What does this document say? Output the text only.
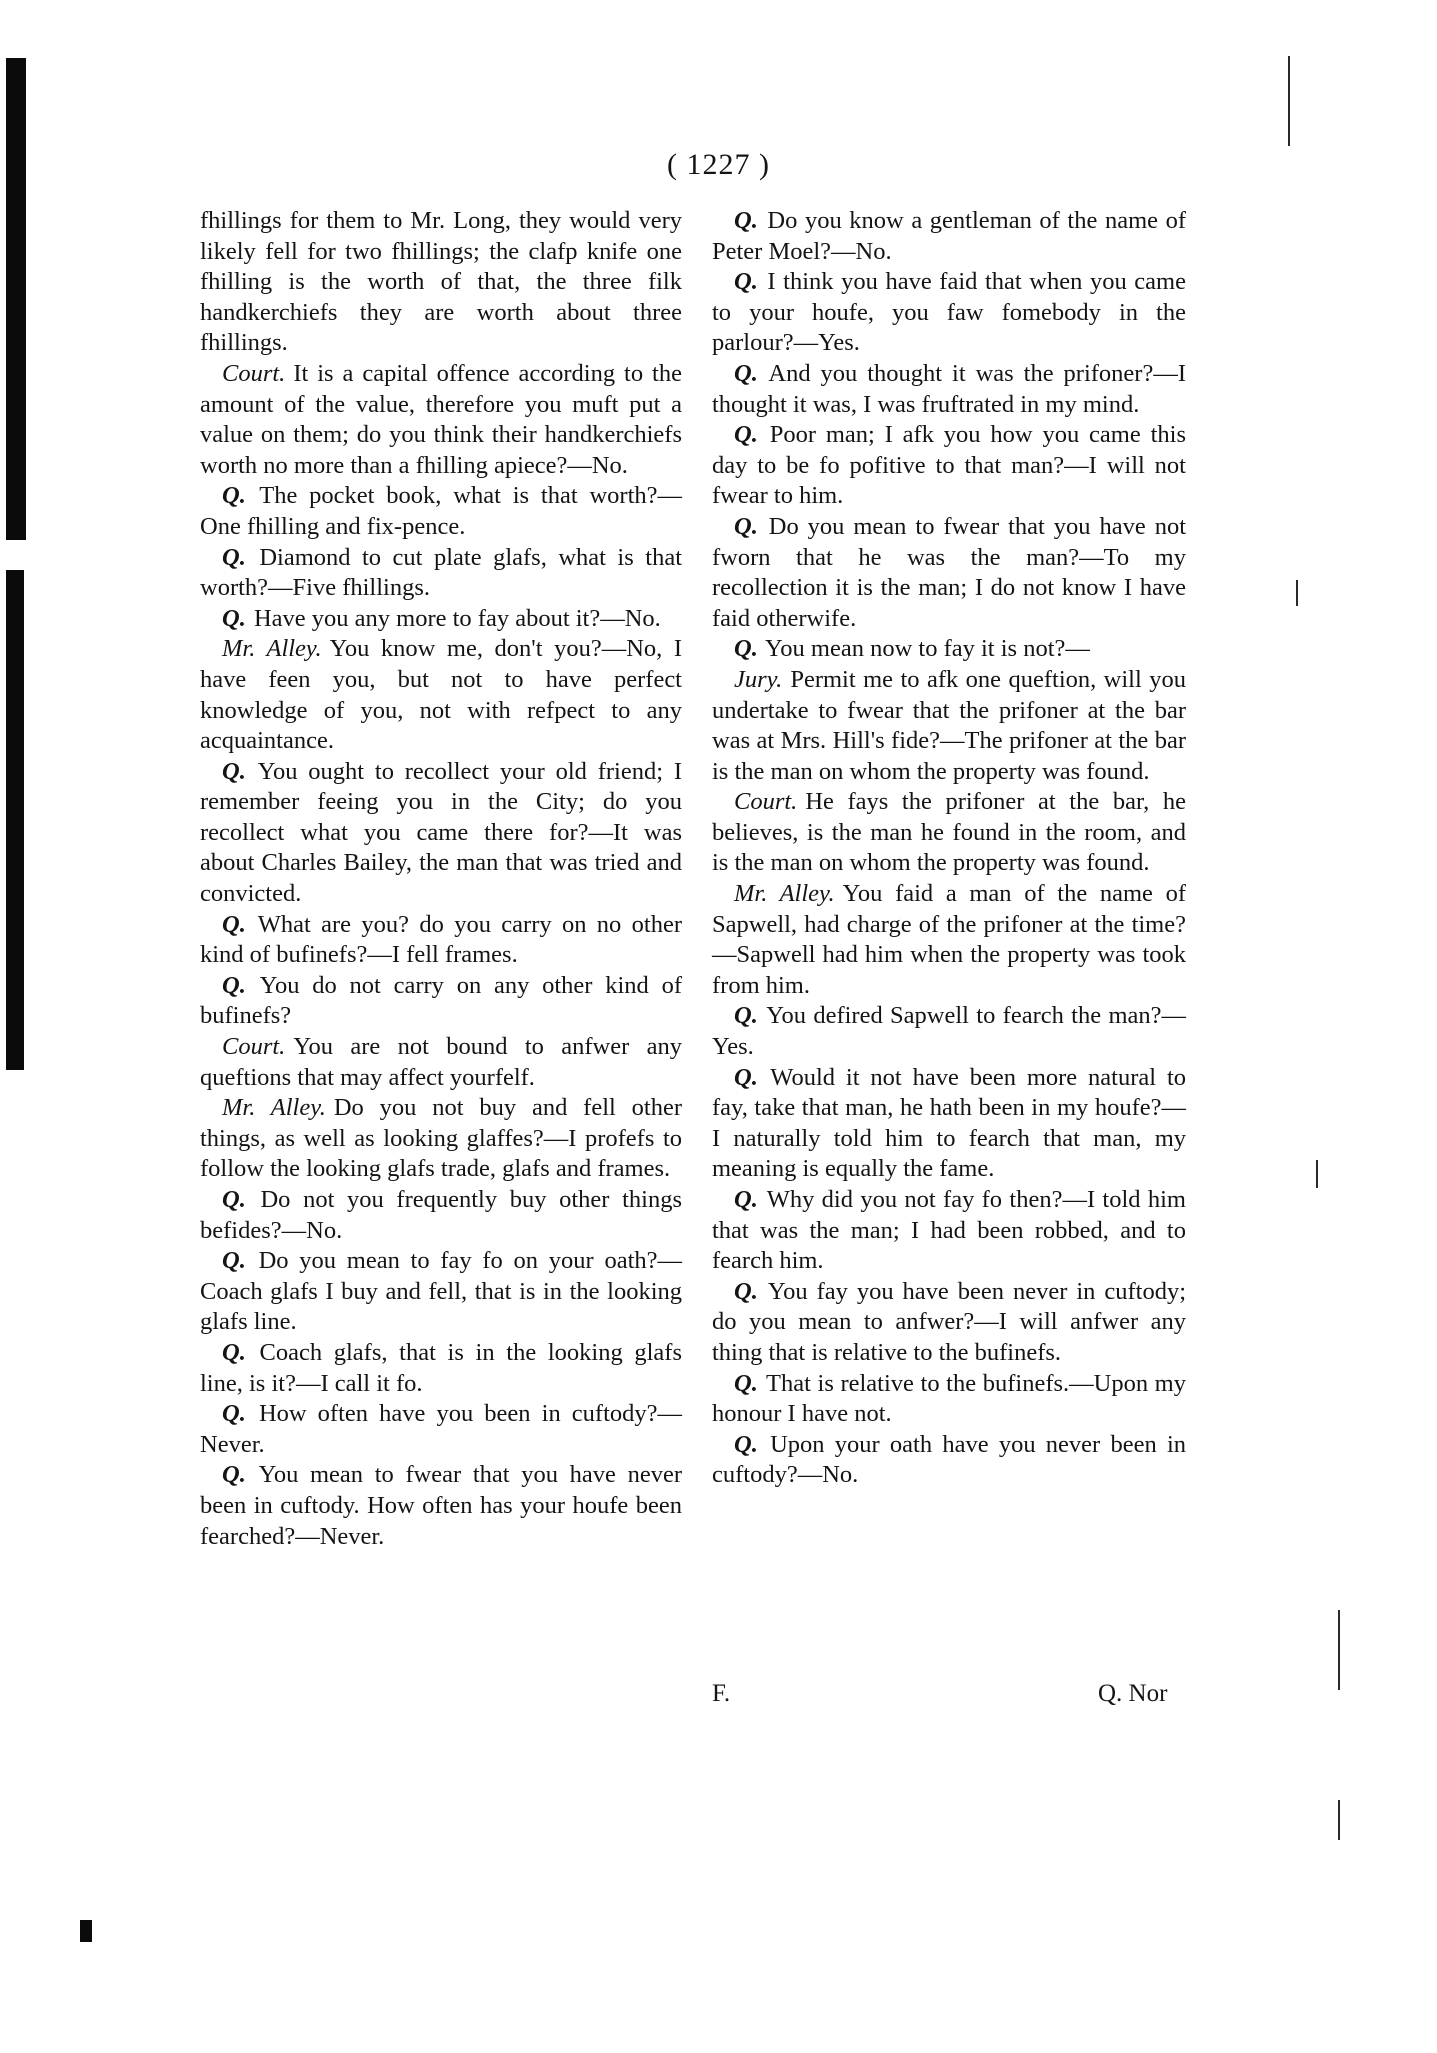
( 1227 )

fhillings for them to Mr. Long, they would very likely fell for two fhillings; the clafp knife one fhilling is the worth of that, the three filk handkerchiefs they are worth about three fhillings.

Court. It is a capital offence according to the amount of the value, therefore you muft put a value on them; do you think their handkerchiefs worth no more than a fhilling apiece?—No.

Q. The pocket book, what is that worth?—One fhilling and fix-pence.

Q. Diamond to cut plate glafs, what is that worth?—Five fhillings.

Q. Have you any more to fay about it?—No.

Mr. Alley. You know me, don't you?—No, I have feen you, but not to have perfect knowledge of you, not with refpect to any acquaintance.

Q. You ought to recollect your old friend; I remember feeing you in the City; do you recollect what you came there for?—It was about Charles Bailey, the man that was tried and convicted.

Q. What are you? do you carry on no other kind of bufinefs?—I fell frames.

Q. You do not carry on any other kind of bufinefs?

Court. You are not bound to anfwer any queftions that may affect yourfelf.

Mr. Alley. Do you not buy and fell other things, as well as looking glaffes?—I profefs to follow the looking glafs trade, glafs and frames.

Q. Do not you frequently buy other things befides?—No.

Q. Do you mean to fay fo on your oath?—Coach glafs I buy and fell, that is in the looking glafs line.

Q. Coach glafs, that is in the looking glafs line, is it?—I call it fo.

Q. How often have you been in cuftody?—Never.

Q. You mean to fwear that you have never been in cuftody. How often has your houfe been fearched?—Never.

Q. Do you know a gentleman of the name of Peter Moel?—No.

Q. I think you have faid that when you came to your houfe, you faw fomebody in the parlour?—Yes.

Q. And you thought it was the prifoner?—I thought it was, I was fruftrated in my mind.

Q. Poor man; I afk you how you came this day to be fo pofitive to that man?—I will not fwear to him.

Q. Do you mean to fwear that you have not fworn that he was the man?—To my recollection it is the man; I do not know I have faid otherwife.

Q. You mean now to fay it is not?—

Jury. Permit me to afk one queftion, will you undertake to fwear that the prifoner at the bar was at Mrs. Hill's fide?—The prifoner at the bar is the man on whom the property was found.

Court. He fays the prifoner at the bar, he believes, is the man he found in the room, and is the man on whom the property was found.

Mr. Alley. You faid a man of the name of Sapwell, had charge of the prifoner at the time?—Sapwell had him when the property was took from him.

Q. You defired Sapwell to fearch the man?—Yes.

Q. Would it not have been more natural to fay, take that man, he hath been in my houfe?—I naturally told him to fearch that man, my meaning is equally the fame.

Q. Why did you not fay fo then?—I told him that was the man; I had been robbed, and to fearch him.

Q. You fay you have been never in cuftody; do you mean to anfwer?—I will anfwer any thing that is relative to the bufinefs.

Q. That is relative to the bufinefs.—Upon my honour I have not.

Q. Upon your oath have you never been in cuftody?—No.

F.	Q. Nor
